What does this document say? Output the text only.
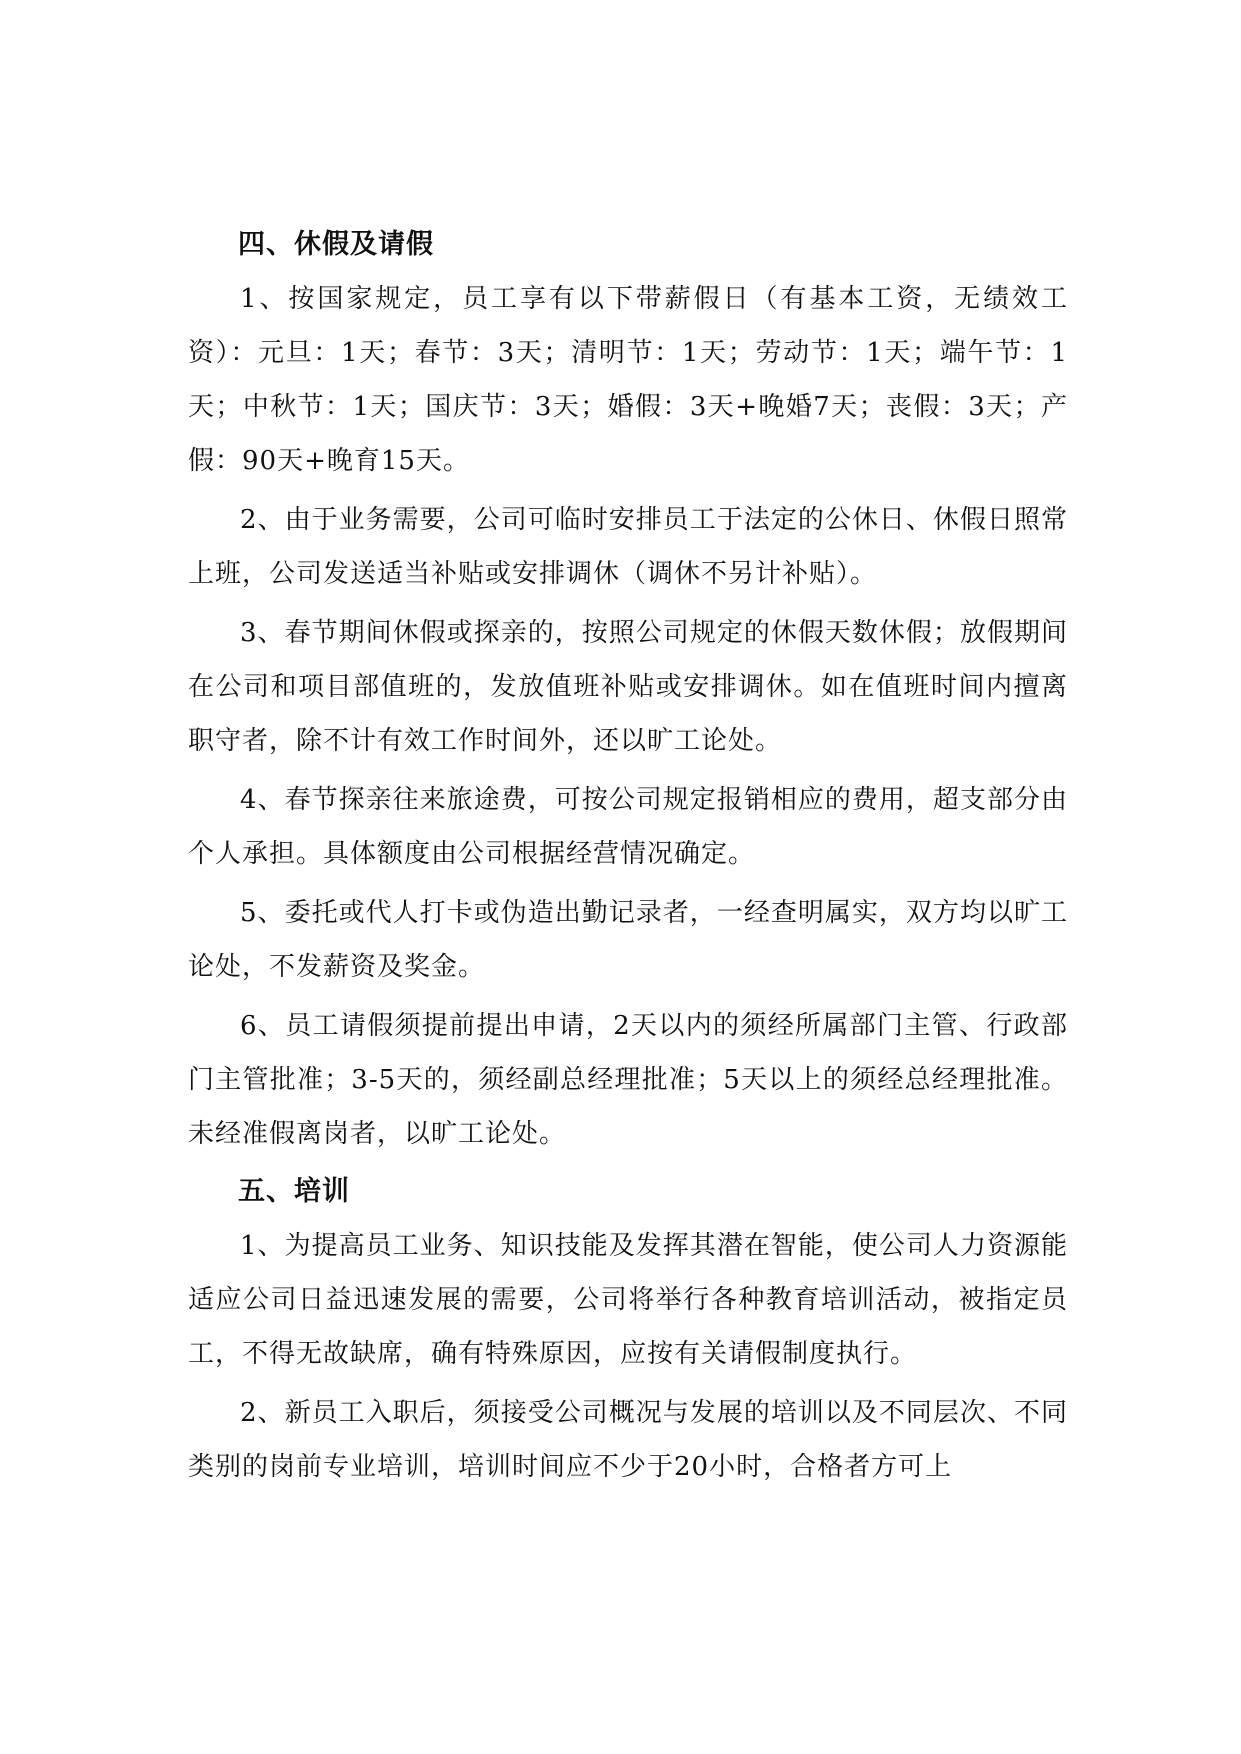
四、休假及请假

1、按国家规定，员工享有以下带薪假日（有基本工资，无绩效工资）：元旦：1天；春节：3天；清明节：1天；劳动节：1天；端午节：1天；中秋节：1天；国庆节：3天；婚假：3天+晚婚7天；丧假：3天；产假：90天+晚育15天。

2、由于业务需要，公司可临时安排员工于法定的公休日、休假日照常上班，公司发送适当补贴或安排调休（调休不另计补贴）。

3、春节期间休假或探亲的，按照公司规定的休假天数休假；放假期间在公司和项目部值班的，发放值班补贴或安排调休。如在值班时间内擅离职守者，除不计有效工作时间外，还以旷工论处。

4、春节探亲往来旅途费，可按公司规定报销相应的费用，超支部分由个人承担。具体额度由公司根据经营情况确定。

5、委托或代人打卡或伪造出勤记录者，一经查明属实，双方均以旷工论处，不发薪资及奖金。

6、员工请假须提前提出申请，2天以内的须经所属部门主管、行政部门主管批准；3-5天的，须经副总经理批准；5天以上的须经总经理批准。未经准假离岗者，以旷工论处。

五、培训

1、为提高员工业务、知识技能及发挥其潜在智能，使公司人力资源能适应公司日益迅速发展的需要，公司将举行各种教育培训活动，被指定员工，不得无故缺席，确有特殊原因，应按有关请假制度执行。

2、新员工入职后，须接受公司概况与发展的培训以及不同层次、不同类别的岗前专业培训，培训时间应不少于20小时，合格者方可上
